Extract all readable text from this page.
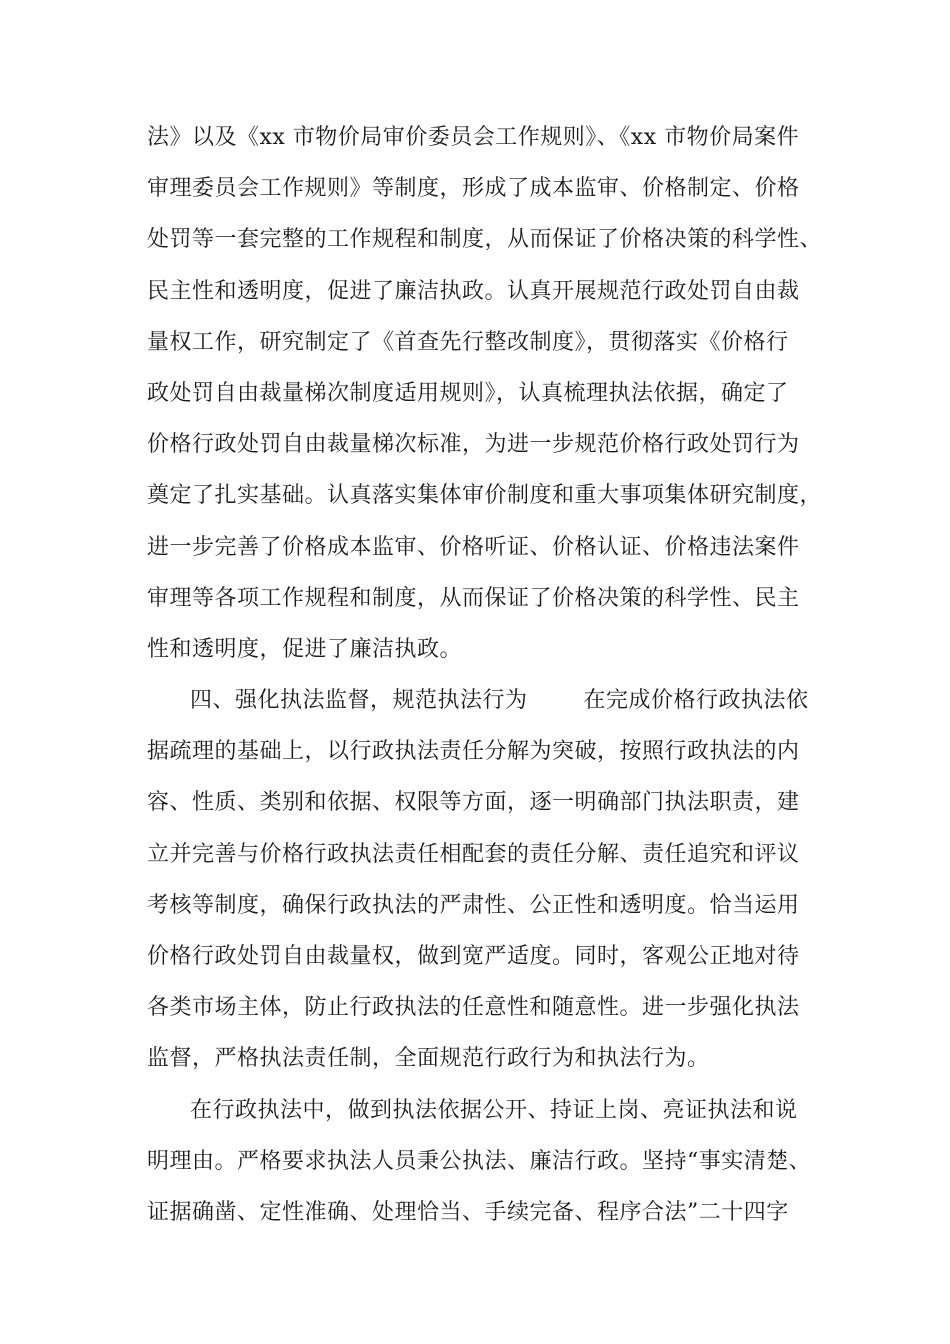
法》以及《xx 市物价局审价委员会工作规则》、《xx 市物价局案件
审理委员会工作规则》等制度，形成了成本监审、价格制定、价格
处罚等一套完整的工作规程和制度，从而保证了价格决策的科学性、
民主性和透明度，促进了廉洁执政。认真开展规范行政处罚自由裁
量权工作，研究制定了《首查先行整改制度》，贯彻落实《价格行
政处罚自由裁量梯次制度适用规则》，认真梳理执法依据，确定了
价格行政处罚自由裁量梯次标准，为进一步规范价格行政处罚行为
奠定了扎实基础。认真落实集体审价制度和重大事项集体研究制度，
进一步完善了价格成本监审、价格听证、价格认证、价格违法案件
审理等各项工作规程和制度，从而保证了价格决策的科学性、民主
性和透明度，促进了廉洁执政。
四、强化执法监督，规范执法行为	在完成价格行政执法依
据疏理的基础上，以行政执法责任分解为突破，按照行政执法的内
容、性质、类别和依据、权限等方面，逐一明确部门执法职责，建
立并完善与价格行政执法责任相配套的责任分解、责任追究和评议
考核等制度，确保行政执法的严肃性、公正性和透明度。恰当运用
价格行政处罚自由裁量权，做到宽严适度。同时，客观公正地对待
各类市场主体，防止行政执法的任意性和随意性。进一步强化执法
监督，严格执法责任制，全面规范行政行为和执法行为。
在行政执法中，做到执法依据公开、持证上岗、亮证执法和说
明理由。严格要求执法人员秉公执法、廉洁行政。坚持“事实清楚、
证据确凿、定性准确、处理恰当、手续完备、程序合法”二十四字
